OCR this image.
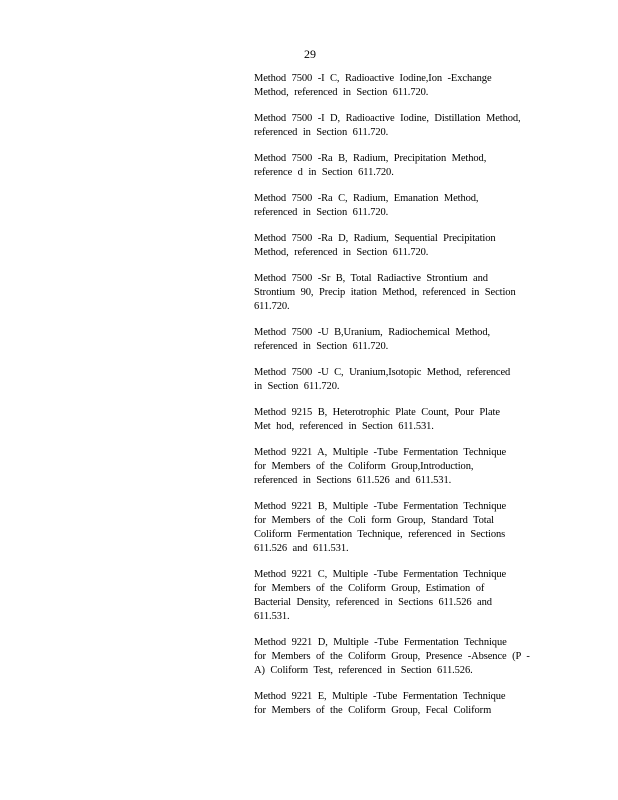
29
Method 7500 -I C, Radioactive Iodine,Ion -Exchange
Method, referenced in Section 611.720.
Method 7500 -I D, Radioactive Iodine, Distillation Method,
referenced in Section 611.720.
Method 7500 -Ra B, Radium, Precipitation Method,
reference d in Section 611.720.
Method 7500 -Ra C, Radium, Emanation Method,
referenced in Section 611.720.
Method 7500 -Ra D, Radium, Sequential Precipitation
Method, referenced in Section 611.720.
Method 7500 -Sr B, Total Radiactive Strontium and
Strontium 90, Precip itation Method, referenced in Section
611.720.
Method 7500 -U B,Uranium, Radiochemical Method,
referenced in Section 611.720.
Method 7500 -U C, Uranium,Isotopic Method, referenced
in Section 611.720.
Method 9215 B, Heterotrophic Plate Count, Pour Plate
Met hod, referenced in Section 611.531.
Method 9221 A, Multiple -Tube Fermentation Technique
for Members of the Coliform Group,Introduction,
referenced in Sections 611.526 and 611.531.
Method 9221 B, Multiple -Tube Fermentation Technique
for Members of the Coli form Group, Standard Total
Coliform Fermentation Technique, referenced in Sections
611.526 and 611.531.
Method 9221 C, Multiple -Tube Fermentation Technique
for Members of the Coliform Group, Estimation of
Bacterial Density, referenced in Sections 611.526 and
611.531.
Method 9221 D, Multiple -Tube Fermentation Technique
for Members of the Coliform Group, Presence -Absence (P -
A) Coliform Test, referenced in Section 611.526.
Method 9221 E, Multiple -Tube Fermentation Technique
for Members of the Coliform Group, Fecal Coliform
